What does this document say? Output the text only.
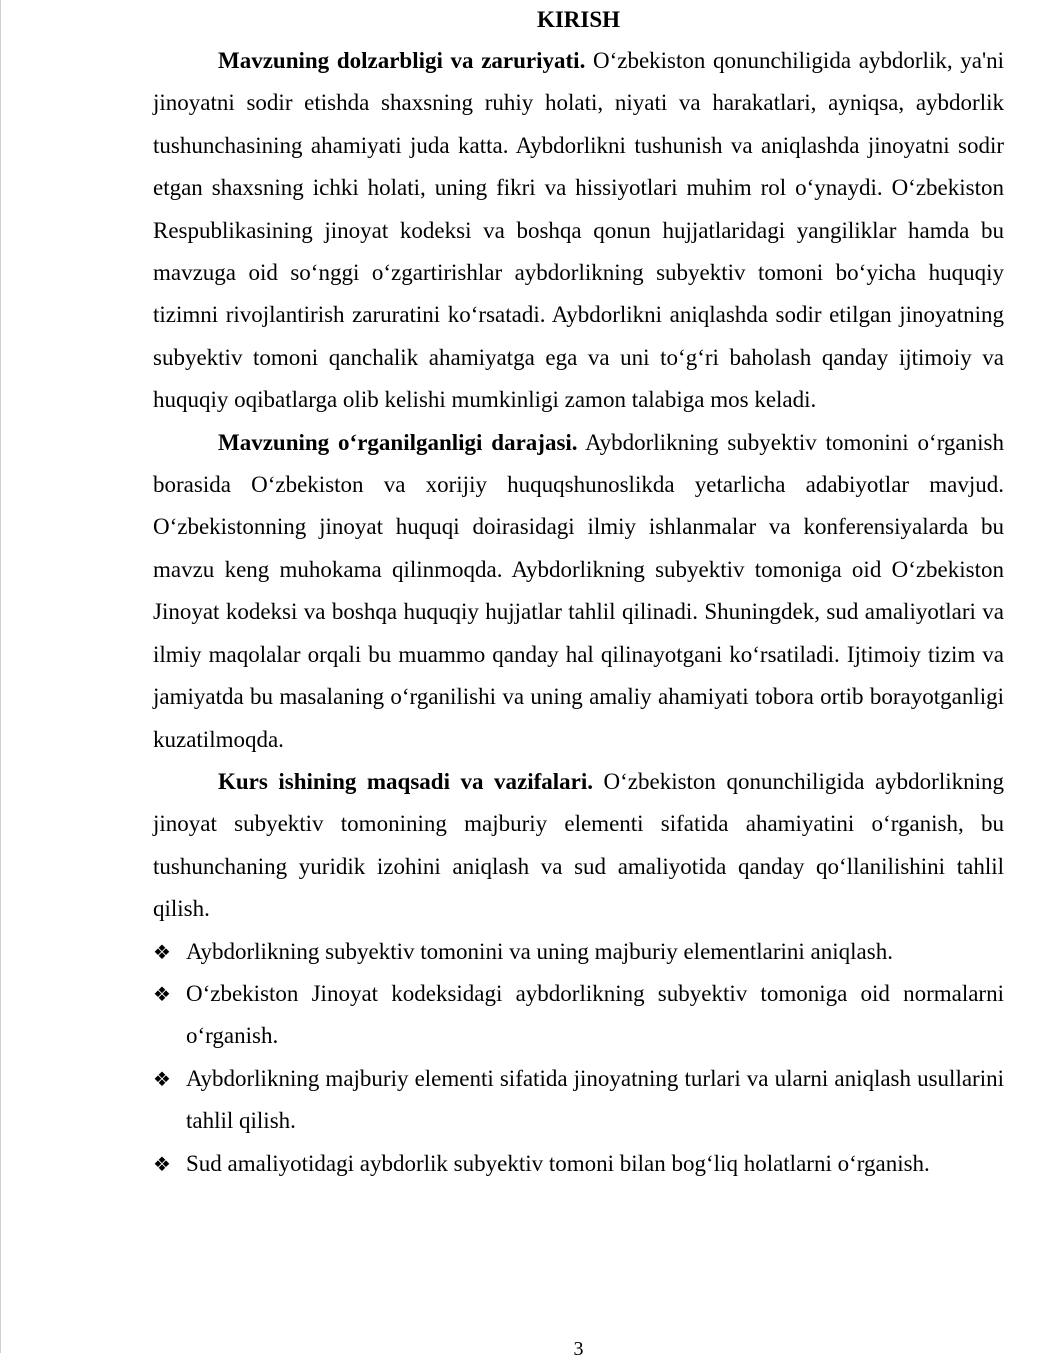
KIRISH

Mavzuning dolzarbligi va zaruriyati. O‘zbekiston qonunchiligida aybdorlik, ya'ni jinoyatni sodir etishda shaxsning ruhiy holati, niyati va harakatlari, ayniqsa, aybdorlik tushunchasining ahamiyati juda katta. Aybdorlikni tushunish va aniqlashda jinoyatni sodir etgan shaxsning ichki holati, uning fikri va hissiyotlari muhim rol o‘ynaydi. O‘zbekiston Respublikasining jinoyat kodeksi va boshqa qonun hujjatlaridagi yangiliklar hamda bu mavzuga oid so‘nggi o‘zgartirishlar aybdorlikning subyektiv tomoni bo‘yicha huquqiy tizimni rivojlantirish zaruratini ko‘rsatadi. Aybdorlikni aniqlashda sodir etilgan jinoyatning subyektiv tomoni qanchalik ahamiyatga ega va uni to‘g‘ri baholash qanday ijtimoiy va huquqiy oqibatlarga olib kelishi mumkinligi zamon talabiga mos keladi.

Mavzuning o‘rganilganligi darajasi. Aybdorlikning subyektiv tomonini o‘rganish borasida O‘zbekiston va xorijiy huquqshunoslikda yetarlicha adabiyotlar mavjud. O‘zbekistonning jinoyat huquqi doirasidagi ilmiy ishlanmalar va konferensiyalarda bu mavzu keng muhokama qilinmoqda. Aybdorlikning subyektiv tomoniga oid O‘zbekiston Jinoyat kodeksi va boshqa huquqiy hujjatlar tahlil qilinadi. Shuningdek, sud amaliyotlari va ilmiy maqolalar orqali bu muammo qanday hal qilinayotgani ko‘rsatiladi. Ijtimoiy tizim va jamiyatda bu masalaning o‘rganilishi va uning amaliy ahamiyati tobora ortib borayotganligi kuzatilmoqda.

Kurs ishining maqsadi va vazifalari. O‘zbekiston qonunchiligida aybdorlikning jinoyat subyektiv tomonining majburiy elementi sifatida ahamiyatini o‘rganish, bu tushunchaning yuridik izohini aniqlash va sud amaliyotida qanday qo‘llanilishini tahlil qilish.

❖ Aybdorlikning subyektiv tomonini va uning majburiy elementlarini aniqlash.
❖ O‘zbekiston Jinoyat kodeksidagi aybdorlikning subyektiv tomoniga oid normalarni o‘rganish.
❖ Aybdorlikning majburiy elementi sifatida jinoyatning turlari va ularni aniqlash usullarini tahlil qilish.
❖ Sud amaliyotidagi aybdorlik subyektiv tomoni bilan bog‘liq holatlarni o‘rganish.
3
